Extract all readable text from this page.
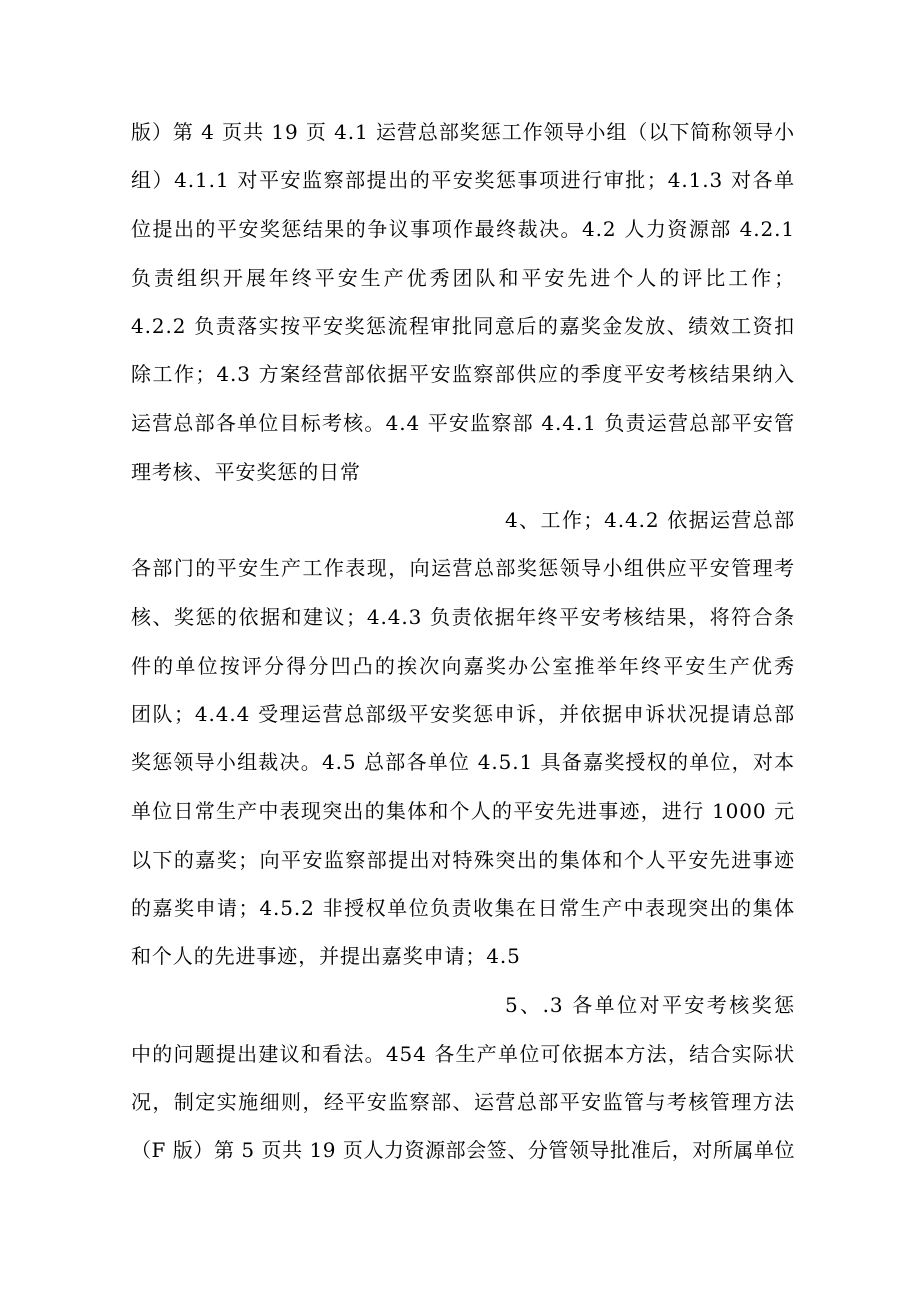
版）第 4 页共 19 页 4.1 运营总部奖惩工作领导小组（以下简称领导小
组）4.1.1 对平安监察部提出的平安奖惩事项进行审批；4.1.3 对各单
位提出的平安奖惩结果的争议事项作最终裁决。4.2 人力资源部 4.2.1
负责组织开展年终平安生产优秀团队和平安先进个人的评比工作；
4.2.2 负责落实按平安奖惩流程审批同意后的嘉奖金发放、绩效工资扣
除工作；4.3 方案经营部依据平安监察部供应的季度平安考核结果纳入
运营总部各单位目标考核。4.4 平安监察部 4.4.1 负责运营总部平安管
理考核、平安奖惩的日常
4、工作；4.4.2 依据运营总部
各部门的平安生产工作表现，向运营总部奖惩领导小组供应平安管理考
核、奖惩的依据和建议；4.4.3 负责依据年终平安考核结果，将符合条
件的单位按评分得分凹凸的挨次向嘉奖办公室推举年终平安生产优秀
团队；4.4.4 受理运营总部级平安奖惩申诉，并依据申诉状况提请总部
奖惩领导小组裁决。4.5 总部各单位 4.5.1 具备嘉奖授权的单位，对本
单位日常生产中表现突出的集体和个人的平安先进事迹，进行 1000 元
以下的嘉奖；向平安监察部提出对特殊突出的集体和个人平安先进事迹
的嘉奖申请；4.5.2 非授权单位负责收集在日常生产中表现突出的集体
和个人的先进事迹，并提出嘉奖申请；4.5
5、.3 各单位对平安考核奖惩
中的问题提出建议和看法。454 各生产单位可依据本方法，结合实际状
况，制定实施细则，经平安监察部、运营总部平安监管与考核管理方法
（F 版）第 5 页共 19 页人力资源部会签、分管领导批准后，对所属单位
